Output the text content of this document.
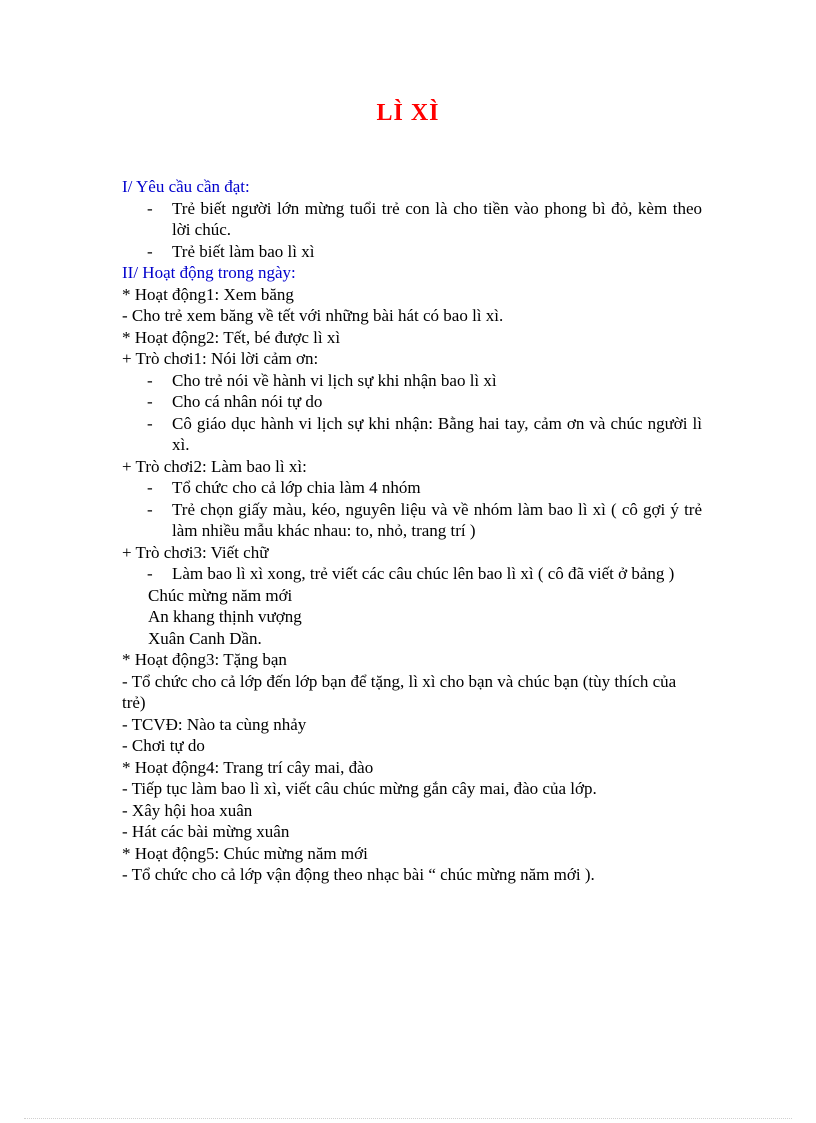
LÌ XÌ

I/ Yêu cầu cần đạt:

- Trẻ biết người lớn mừng tuổi trẻ con là cho tiền vào phong bì đỏ, kèm theo lời chúc.

- Trẻ biết làm bao lì xì

II/ Hoạt động trong ngày:

* Hoạt động1: Xem băng

- Cho trẻ xem băng về tết với những bài hát có bao lì xì.

* Hoạt động2: Tết, bé được lì xì

+ Trò chơi1: Nói lời cảm ơn:

- Cho trẻ nói về hành vi lịch sự khi nhận bao lì xì

- Cho cá nhân nói tự do

- Cô giáo dục hành vi lịch sự khi nhận: Bằng hai tay, cảm ơn và chúc người lì xì.

+ Trò chơi2: Làm bao lì xì:

- Tổ chức cho cả lớp chia làm 4 nhóm

- Trẻ chọn giấy màu, kéo, nguyên liệu và về nhóm làm bao lì xì ( cô gợi ý trẻ làm nhiều mẫu khác nhau: to, nhỏ, trang trí )

+ Trò chơi3: Viết chữ

- Làm bao lì xì xong, trẻ viết các câu chúc lên bao lì xì ( cô đã viết ở bảng )

Chúc mừng năm mới

An khang thịnh vượng

Xuân Canh Dần.

* Hoạt động3: Tặng bạn

- Tổ chức cho cả lớp đến lớp bạn để tặng, lì xì cho bạn và chúc bạn (tùy thích của trẻ)

- TCVĐ: Nào ta cùng nhảy

- Chơi tự do

* Hoạt động4: Trang trí cây mai, đào

- Tiếp tục làm bao lì xì, viết câu chúc mừng gắn cây mai, đào của lớp.

- Xây hội hoa xuân

- Hát các bài mừng xuân

* Hoạt động5: Chúc mừng năm mới

- Tổ chức cho cả lớp vận động theo nhạc bài “ chúc mừng năm mới ).
